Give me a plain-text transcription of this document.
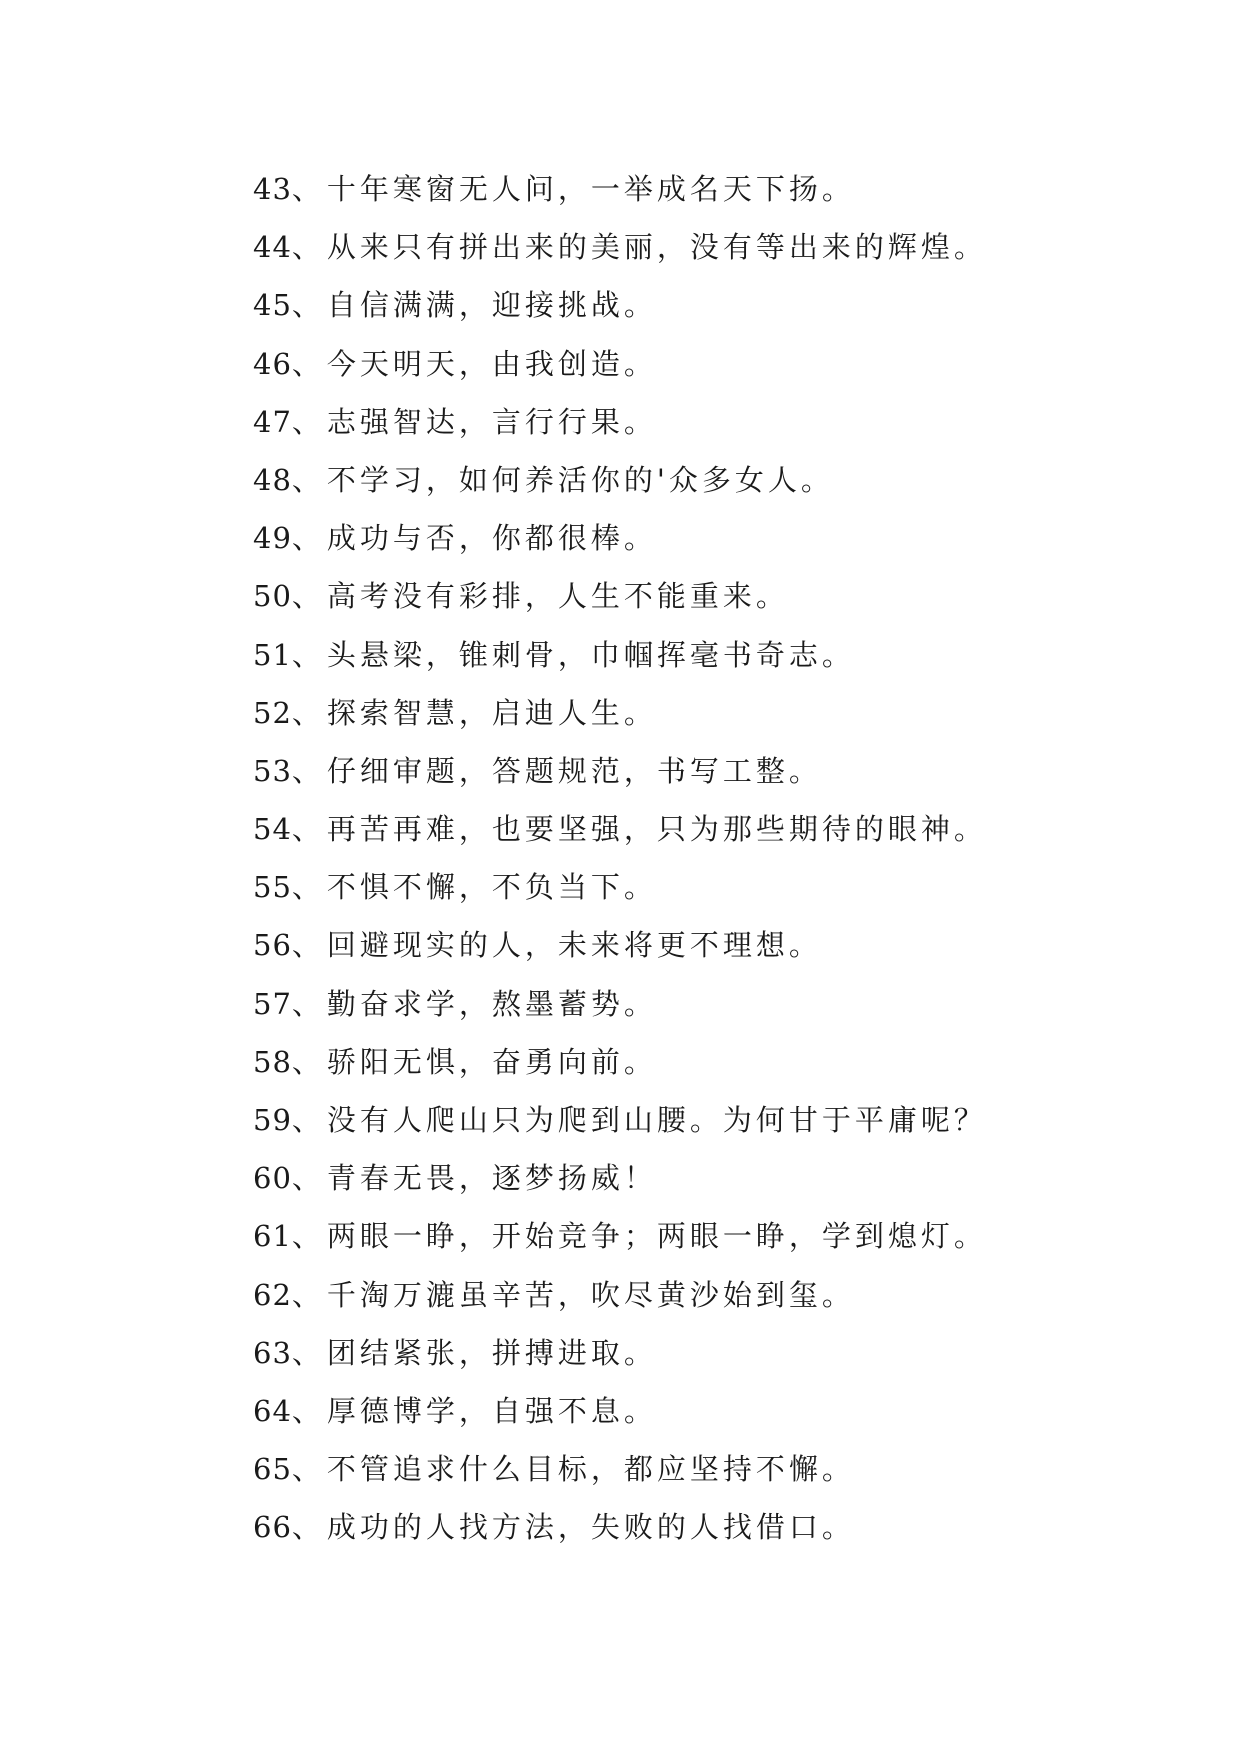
43、十年寒窗无人问，一举成名天下扬。
44、从来只有拼出来的美丽，没有等出来的辉煌。
45、自信满满，迎接挑战。
46、今天明天，由我创造。
47、志强智达，言行行果。
48、不学习，如何养活你的'众多女人。
49、成功与否，你都很棒。
50、高考没有彩排，人生不能重来。
51、头悬梁，锥刺骨，巾帼挥毫书奇志。
52、探索智慧，启迪人生。
53、仔细审题，答题规范，书写工整。
54、再苦再难，也要坚强，只为那些期待的眼神。
55、不惧不懈，不负当下。
56、回避现实的人，未来将更不理想。
57、勤奋求学，熬墨蓄势。
58、骄阳无惧，奋勇向前。
59、没有人爬山只为爬到山腰。为何甘于平庸呢？
60、青春无畏，逐梦扬威！
61、两眼一睁，开始竞争；两眼一睁，学到熄灯。
62、千淘万漉虽辛苦，吹尽黄沙始到玺。
63、团结紧张，拼搏进取。
64、厚德博学，自强不息。
65、不管追求什么目标，都应坚持不懈。
66、成功的人找方法，失败的人找借口。
